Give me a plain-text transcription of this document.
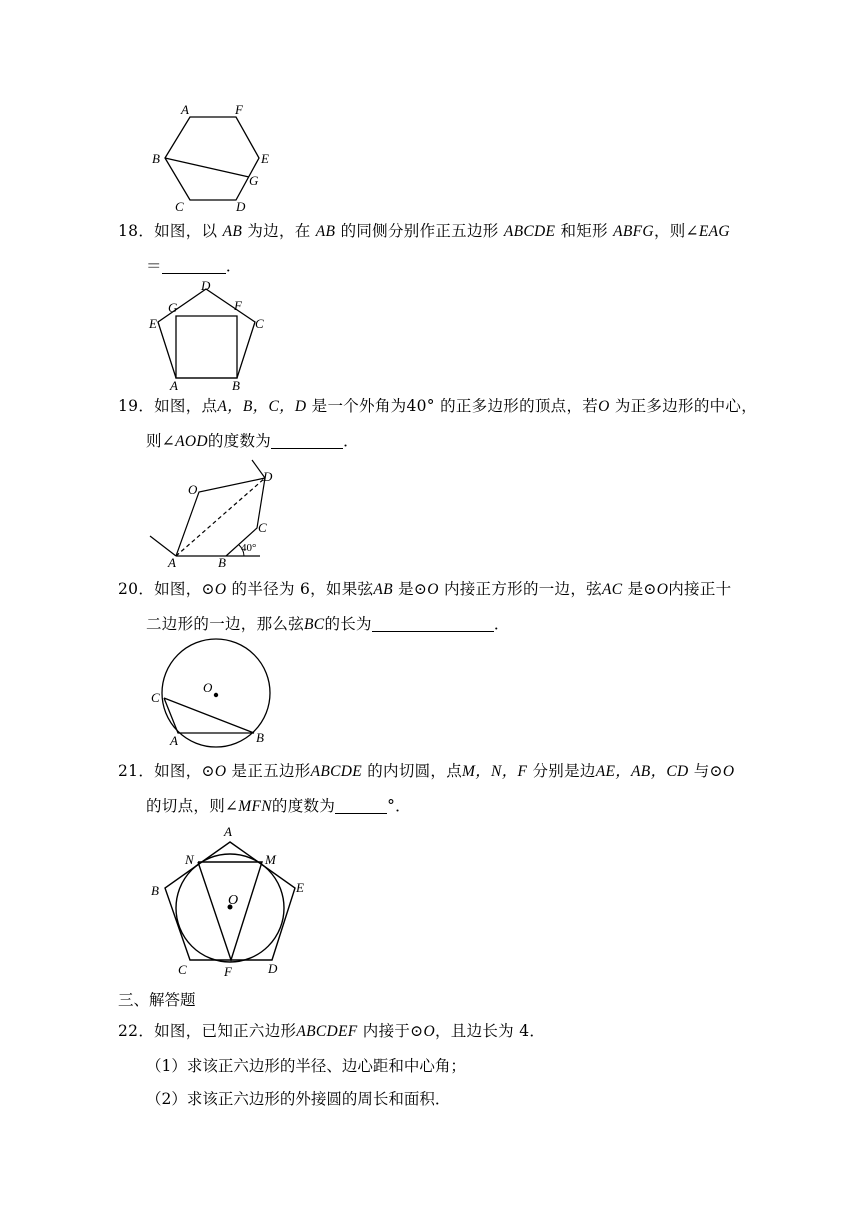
A	F
B	E
G
C	D
18．如图，以 AB 为边，在 AB 的同侧分别作正五边形 ABCDE 和矩形 ABFG，则∠EAG
＝	．
D
G	F
E	C
A	B
19．如图，点A，B，C，D 是一个外角为40° 的正多边形的顶点，若O 为正多边形的中心，
则∠AOD的度数为	．
O
D
C
A	B
40°
20．如图，⊙O 的半径为 6，如果弦AB 是⊙O 内接正方形的一边，弦AC 是⊙O内接正十
二边形的一边，那么弦BC的长为	．
O
C
A	B
21．如图，⊙O 是正五边形ABCDE 的内切圆，点M，N，F 分别是边AE，AB，CD 与⊙O
的切点，则∠MFN的度数为	°．
A
N	M
B	E
O
C	F	D
三、解答题
22．如图，已知正六边形ABCDEF 内接于⊙O，且边长为 4．
（1）求该正六边形的半径、边心距和中心角；
（2）求该正六边形的外接圆的周长和面积．
